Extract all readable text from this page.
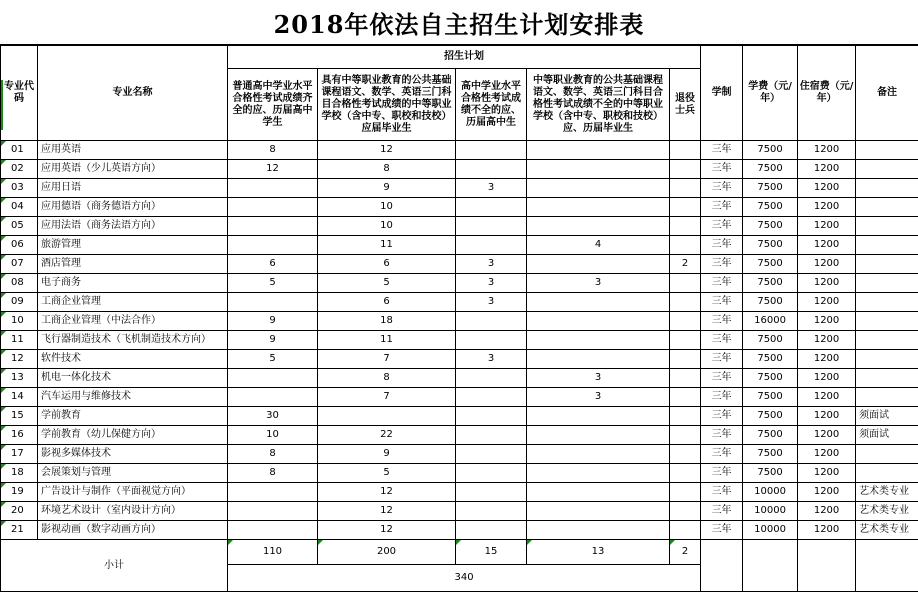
2018年依法自主招生计划安排表
专业代码	专业名称	招生计划					学制	学费（元/年）	住宿费（元/年）	备注
		普通高中学业水平合格性考试成绩齐全的应、历届高中学生	具有中等职业教育的公共基础课程语文、数学、英语三门科目合格性考试成绩的中等职业学校（含中专、职校和技校）应届毕业生	高中学业水平合格性考试成绩不全的应、历届高中生	中等职业教育的公共基础课程语文、数学、英语三门科目合格性考试成绩不全的中等职业学校（含中专、职校和技校）应、历届毕业生	退役士兵				
01	应用英语	8	12				三年	7500	1200	
02	应用英语（少儿英语方向）	12	8				三年	7500	1200	
03	应用日语		9	3			三年	7500	1200	
04	应用德语（商务德语方向）		10				三年	7500	1200	
05	应用法语（商务法语方向）		10				三年	7500	1200	
06	旅游管理		11		4		三年	7500	1200	
07	酒店管理	6	6	3		2	三年	7500	1200	
08	电子商务	5	5	3	3		三年	7500	1200	
09	工商企业管理		6	3			三年	7500	1200	
10	工商企业管理（中法合作）	9	18				三年	16000	1200	
11	飞行器制造技术（飞机制造技术方向）	9	11				三年	7500	1200	
12	软件技术	5	7	3			三年	7500	1200	
13	机电一体化技术		8		3		三年	7500	1200	
14	汽车运用与维修技术		7		3		三年	7500	1200	
15	学前教育	30					三年	7500	1200	须面试
16	学前教育（幼儿保健方向）	10	22				三年	7500	1200	须面试
17	影视多媒体技术	8	9				三年	7500	1200	
18	会展策划与管理	8	5				三年	7500	1200	
19	广告设计与制作（平面视觉方向）		12				三年	10000	1200	艺术类专业
20	环境艺术设计（室内设计方向）		12				三年	10000	1200	艺术类专业
21	影视动画（数字动画方向）		12				三年	10000	1200	艺术类专业
小计		110	200	15	13	2				
		340								
